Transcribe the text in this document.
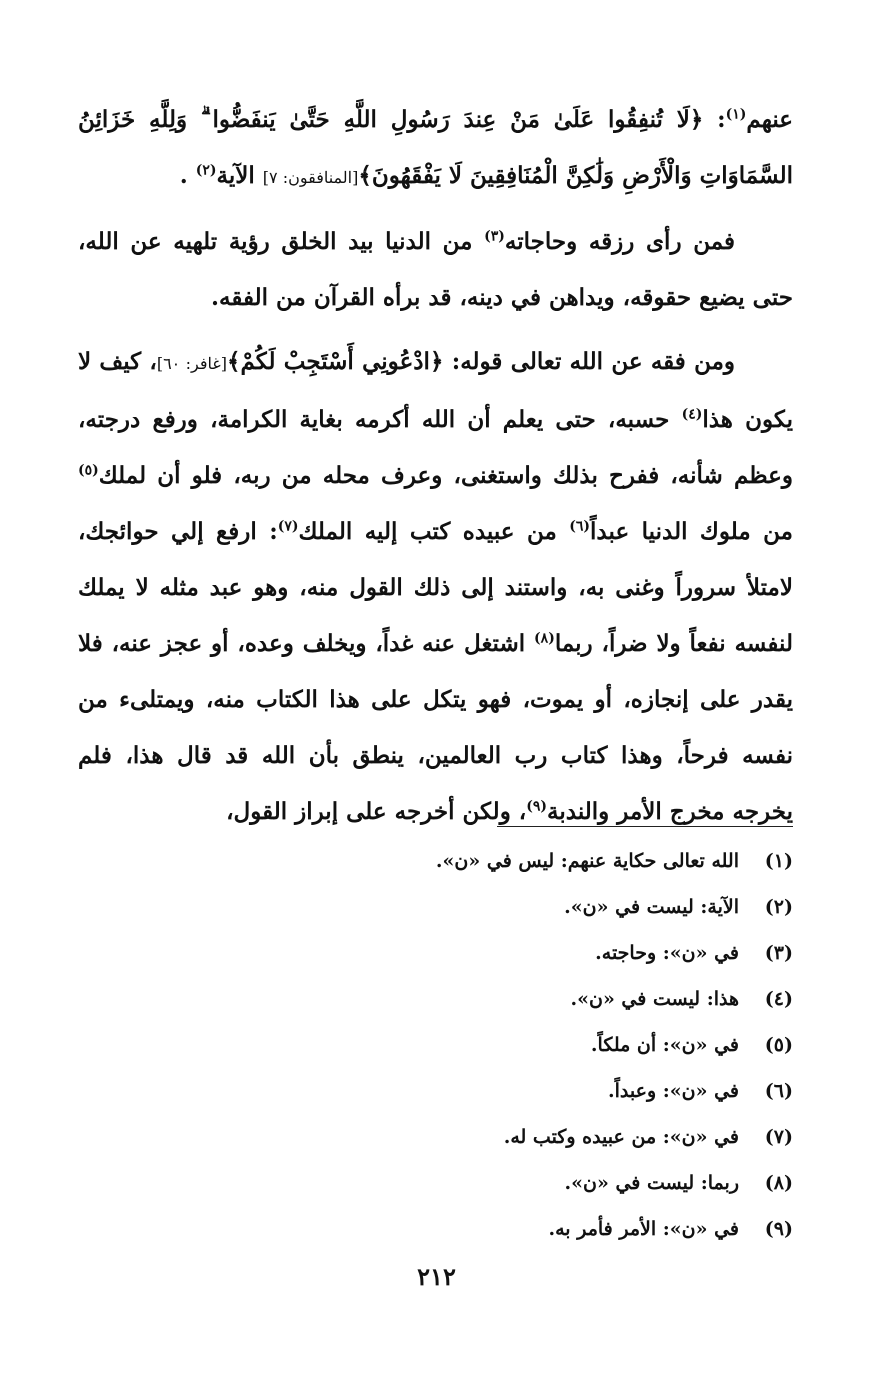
عنهم$^{(١)}$: ﴿لَا تُنفِقُوا عَلَىٰ مَنْ عِندَ رَسُولِ اللَّهِ حَتَّىٰ يَنفَضُّوا ۗ وَلِلَّهِ خَزَائِنُ السَّمَاوَاتِ وَالْأَرْضِ وَلَٰكِنَّ الْمُنَافِقِينَ لَا يَفْقَهُونَ﴾[المنافقون: ٧] الآية$^{(٢)}$ .

فمن رأى رزقه وحاجاته$^{(٣)}$ من الدنيا بيد الخلق رؤية تلهيه عن الله، حتى يضيع حقوقه، ويداهن في دينه، قد برأه القرآن من الفقه.

ومن فقه عن الله تعالى قوله: ﴿ادْعُونِي أَسْتَجِبْ لَكُمْ﴾[غافر: ٦٠]، كيف لا يكون هذا$^{(٤)}$ حسبه، حتى يعلم أن الله أكرمه بغاية الكرامة، ورفع درجته، وعظم شأنه، ففرح بذلك واستغنى، وعرف محله من ربه، فلو أن لملك$^{(٥)}$ من ملوك الدنيا عبداً$^{(٦)}$ من عبيده كتب إليه الملك$^{(٧)}$: ارفع إلي حوائجك، لامتلأ سروراً وغنى به، واستند إلى ذلك القول منه، وهو عبد مثله لا يملك لنفسه نفعاً ولا ضراً، ربما$^{(٨)}$ اشتغل عنه غداً، ويخلف وعده، أو عجز عنه، فلا يقدر على إنجازه، أو يموت، فهو يتكل على هذا الكتاب منه، ويمتلىء من نفسه فرحاً، وهذا كتاب رب العالمين، ينطق بأن الله قد قال هذا، فلم يخرجه مخرج الأمر والندبة$^{(٩)}$، ولكن أخرجه على إبراز القول،

(١)
الله تعالى حكاية عنهم: ليس في «ن».
(٢)
الآية: ليست في «ن».
(٣)
في «ن»: وحاجته.
(٤)
هذا: ليست في «ن».
(٥)
في «ن»: أن ملكاً.
(٦)
في «ن»: وعبداً.
(٧)
في «ن»: من عبيده وكتب له.
(٨)
ربما: ليست في «ن».
(٩)
في «ن»: الأمر فأمر به.
٢١٢
